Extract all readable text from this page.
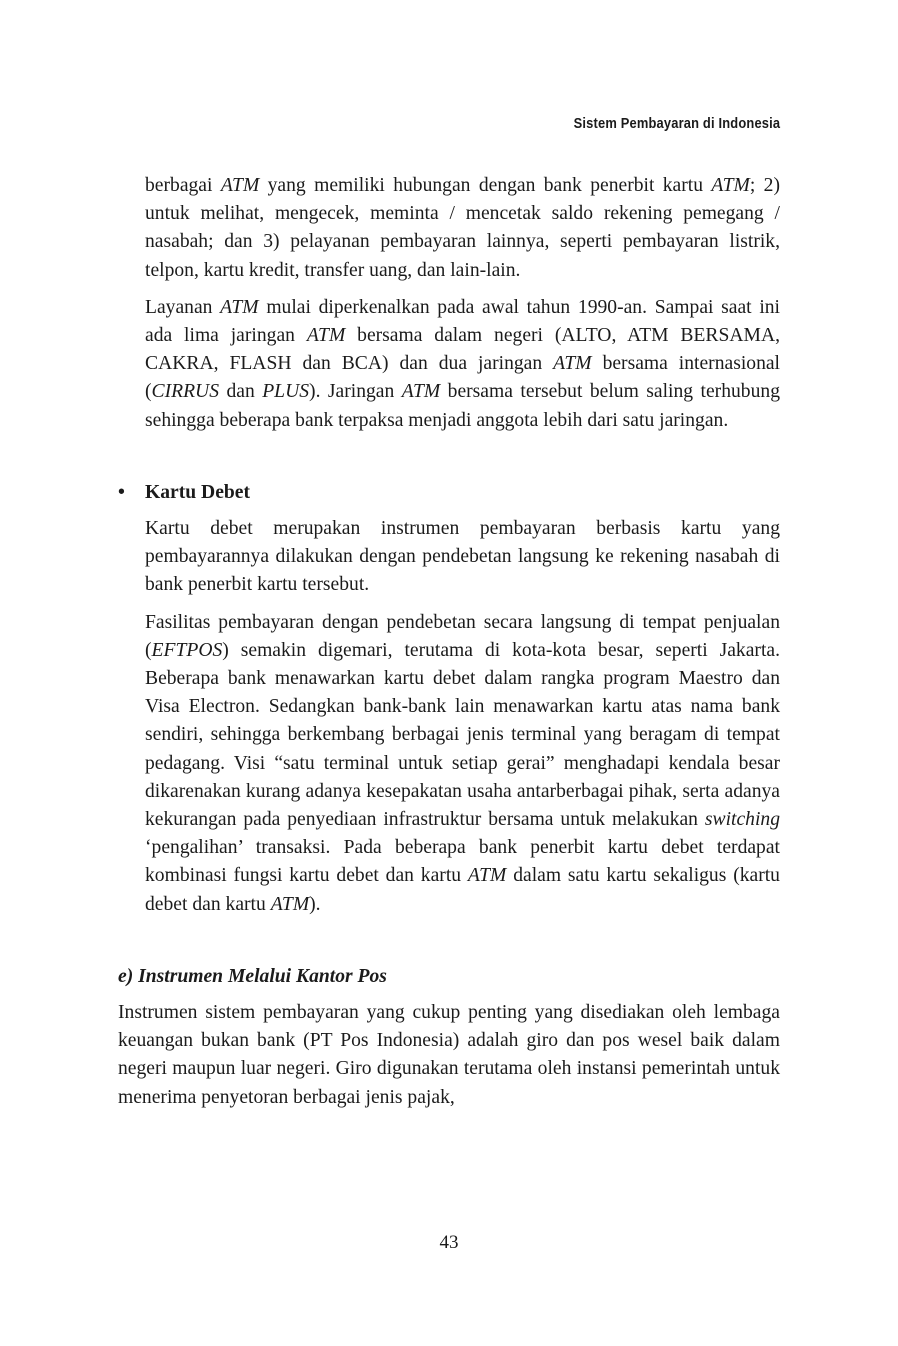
Sistem Pembayaran di Indonesia

berbagai ATM yang memiliki hubungan dengan bank penerbit kartu ATM; 2) untuk melihat, mengecek, meminta / mencetak saldo rekening pemegang / nasabah; dan 3) pelayanan pembayaran lainnya, seperti pembayaran listrik, telpon, kartu kredit, transfer uang, dan lain-lain.

Layanan ATM mulai diperkenalkan pada awal tahun 1990-an. Sampai saat ini ada lima jaringan ATM bersama dalam negeri (ALTO, ATM BERSAMA, CAKRA, FLASH dan BCA) dan dua jaringan ATM bersama internasional (CIRRUS dan PLUS). Jaringan ATM bersama tersebut belum saling terhubung sehingga beberapa bank terpaksa menjadi anggota lebih dari satu jaringan.

•	Kartu Debet

Kartu debet merupakan instrumen pembayaran berbasis kartu yang pembayarannya dilakukan dengan pendebetan langsung ke rekening nasabah di bank penerbit kartu tersebut.

Fasilitas pembayaran dengan pendebetan secara langsung di tempat penjualan (EFTPOS) semakin digemari, terutama di kota-kota besar, seperti Jakarta. Beberapa bank menawarkan kartu debet dalam rangka program Maestro dan Visa Electron. Sedangkan bank-bank lain menawarkan kartu atas nama bank sendiri, sehingga berkembang berbagai jenis terminal yang beragam di tempat pedagang. Visi “satu terminal untuk setiap gerai” menghadapi kendala besar dikarenakan kurang adanya kesepakatan usaha antarberbagai pihak, serta adanya kekurangan pada penyediaan infrastruktur bersama untuk melakukan switching ‘pengalihan’ transaksi. Pada beberapa bank penerbit kartu debet terdapat kombinasi fungsi kartu debet dan kartu ATM dalam satu kartu sekaligus (kartu debet dan kartu ATM).

e) Instrumen Melalui Kantor Pos

Instrumen sistem pembayaran yang cukup penting yang disediakan oleh lembaga keuangan bukan bank (PT Pos Indonesia) adalah giro dan pos wesel baik dalam negeri maupun luar negeri. Giro digunakan terutama oleh instansi pemerintah untuk menerima penyetoran berbagai jenis pajak,

43
